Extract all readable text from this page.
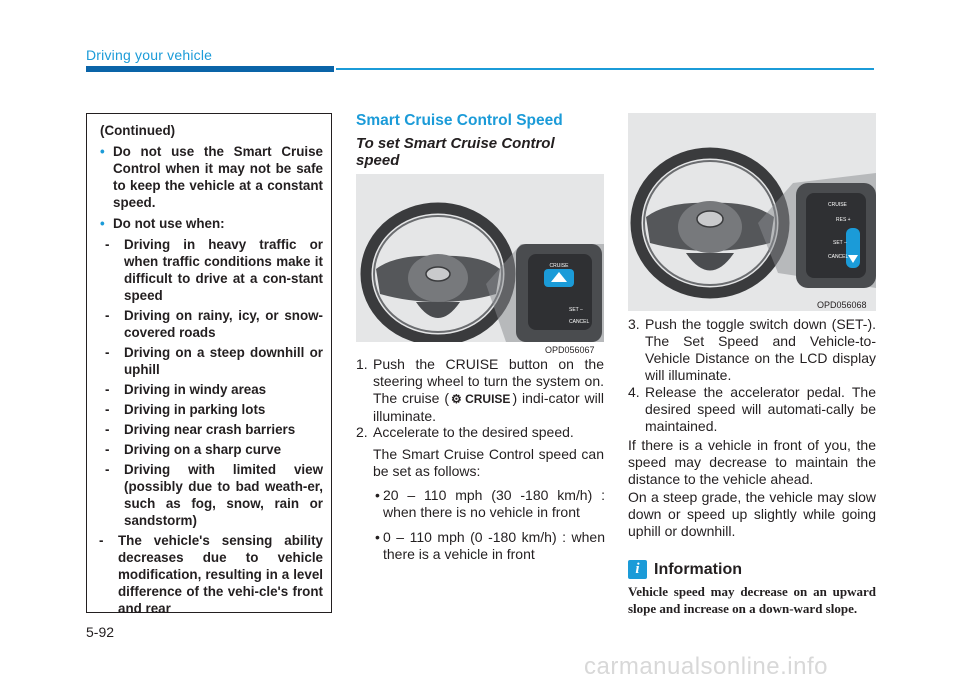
Driving your vehicle
(Continued)
• Do not use the Smart Cruise Control when it may not be safe to keep the vehicle at a constant speed.
• Do not use when:
- Driving in heavy traffic or when traffic conditions make it difficult to drive at a con-stant speed
- Driving on rainy, icy, or snow-covered roads
- Driving on a steep downhill or uphill
- Driving in windy areas
- Driving in parking lots
- Driving near crash barriers
- Driving on a sharp curve
- Driving with limited view (possibly due to bad weath-er, such as fog, snow, rain or sandstorm)
- The vehicle's sensing ability decreases due to vehicle modification, resulting in a level difference of the vehi-cle's front and rear
Smart Cruise Control Speed
To set Smart Cruise Control speed
CRUISE
SET –
CANCEL
OPD056067
1. Push the CRUISE button on the steering wheel to turn the system on. The cruise ( ⚙ CRUISE ) indi-cator will illuminate.
2. Accelerate to the desired speed.
The Smart Cruise Control speed can be set as follows:
• 20 – 110 mph (30 -180 km/h) : when there is no vehicle in front
• 0 – 110 mph (0 -180 km/h) : when there is a vehicle in front
CRUISE
RES +
SET –
CANCEL
OPD056068
3. Push the toggle switch down (SET-). The Set Speed and Vehicle-to-Vehicle Distance on the LCD display will illuminate.
4. Release the accelerator pedal. The desired speed will automati-cally be maintained.
If there is a vehicle in front of you, the speed may decrease to maintain the distance to the vehicle ahead.
On a steep grade, the vehicle may slow down or speed up slightly while going uphill or downhill.
i Information
Vehicle speed may decrease on an upward slope and increase on a down-ward slope.
5-92
carmanualsonline.info
